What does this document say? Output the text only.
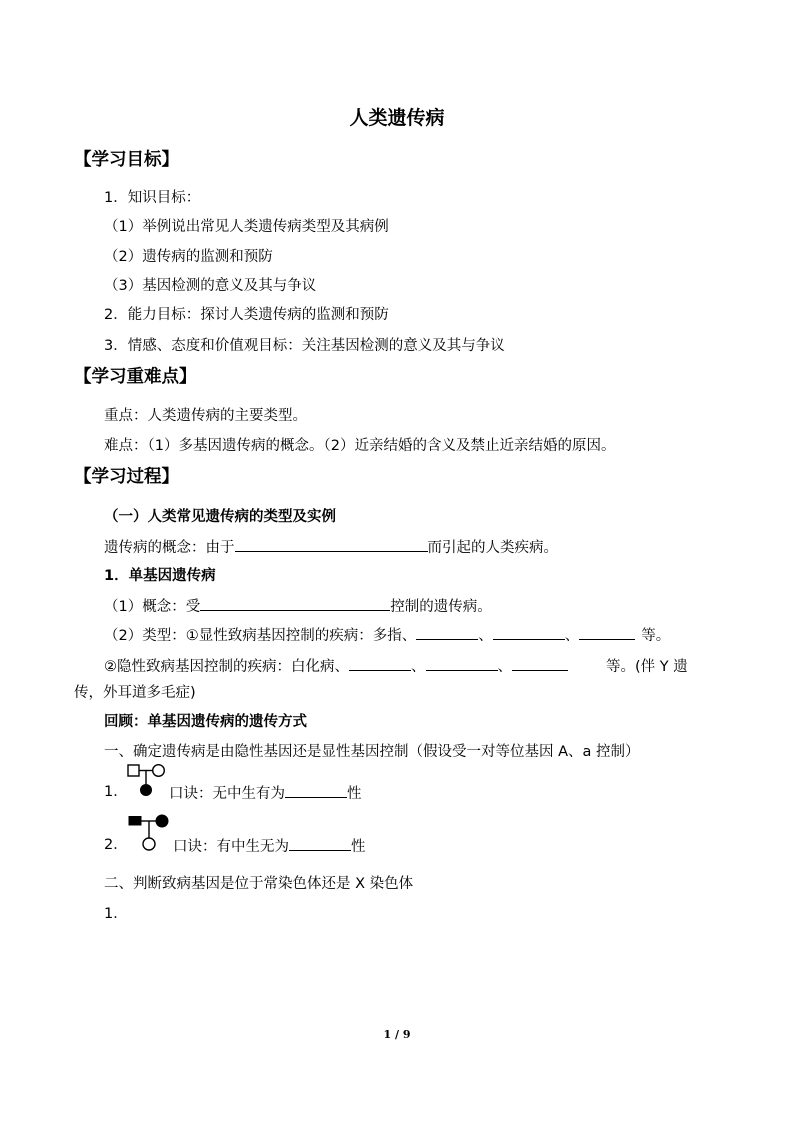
人类遗传病
【学习目标】
1．知识目标：
（1）举例说出常见人类遗传病类型及其病例
（2）遗传病的监测和预防
（3）基因检测的意义及其与争议
2．能力目标：探讨人类遗传病的监测和预防
3．情感、态度和价值观目标：关注基因检测的意义及其与争议
【学习重难点】
重点：人类遗传病的主要类型。
难点：（1）多基因遗传病的概念。（2）近亲结婚的含义及禁止近亲结婚的原因。
【学习过程】
（一）人类常见遗传病的类型及实例
遗传病的概念：由于	而引起的人类疾病。
1．单基因遗传病
（1）概念：受	控制的遗传病。
（2）类型：①显性致病基因控制的疾病：多指、	、	、	等。
②隐性致病基因控制的疾病：白化病、	、	、	等。(伴 Y 遗
传，外耳道多毛症)
回顾：单基因遗传病的遗传方式
一、确定遗传病是由隐性基因还是显性基因控制（假设受一对等位基因 A、a 控制）
1．	口诀：无中生有为	性
2．	口诀：有中生无为	性
二、判断致病基因是位于常染色体还是 X 染色体
1．
1 / 9
